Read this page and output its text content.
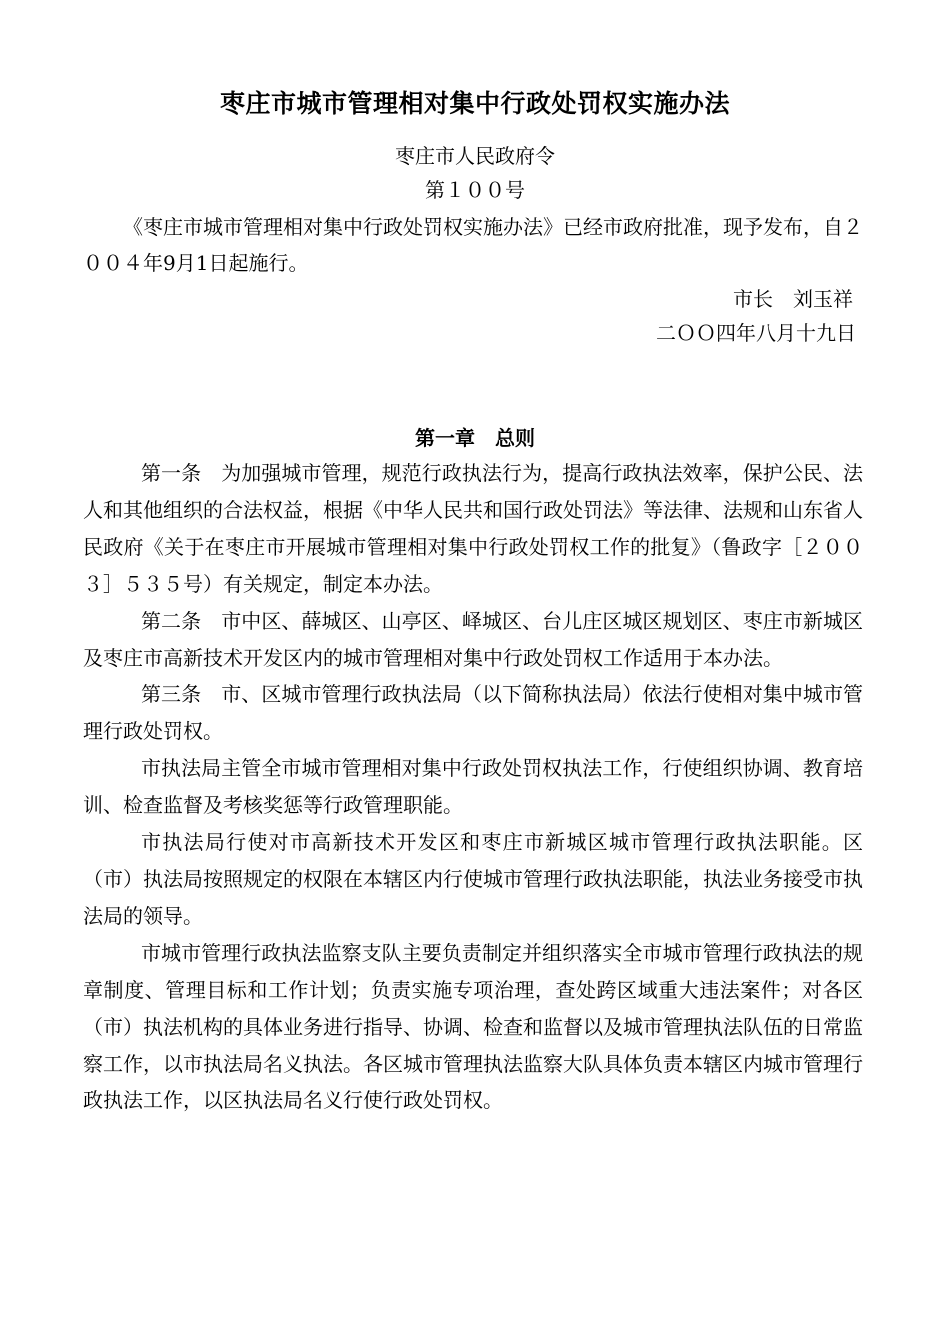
枣庄市城市管理相对集中行政处罚权实施办法
枣庄市人民政府令
第１００号

《枣庄市城市管理相对集中行政处罚权实施办法》已经市政府批准，现予发布，自２００４年9月1日起施行。

市长　刘玉祥
二ＯＯ四年八月十九日
第一章　总则

第一条　为加强城市管理，规范行政执法行为，提高行政执法效率，保护公民、法人和其他组织的合法权益，根据《中华人民共和国行政处罚法》等法律、法规和山东省人民政府《关于在枣庄市开展城市管理相对集中行政处罚权工作的批复》（鲁政字［２００３］５３５号）有关规定，制定本办法。

第二条　市中区、薛城区、山亭区、峄城区、台儿庄区城区规划区、枣庄市新城区及枣庄市高新技术开发区内的城市管理相对集中行政处罚权工作适用于本办法。

第三条　市、区城市管理行政执法局（以下简称执法局）依法行使相对集中城市管理行政处罚权。

市执法局主管全市城市管理相对集中行政处罚权执法工作，行使组织协调、教育培训、检查监督及考核奖惩等行政管理职能。

市执法局行使对市高新技术开发区和枣庄市新城区城市管理行政执法职能。区（市）执法局按照规定的权限在本辖区内行使城市管理行政执法职能，执法业务接受市执法局的领导。

市城市管理行政执法监察支队主要负责制定并组织落实全市城市管理行政执法的规章制度、管理目标和工作计划；负责实施专项治理，查处跨区域重大违法案件；对各区（市）执法机构的具体业务进行指导、协调、检查和监督以及城市管理执法队伍的日常监察工作，以市执法局名义执法。各区城市管理执法监察大队具体负责本辖区内城市管理行政执法工作，以区执法局名义行使行政处罚权。
